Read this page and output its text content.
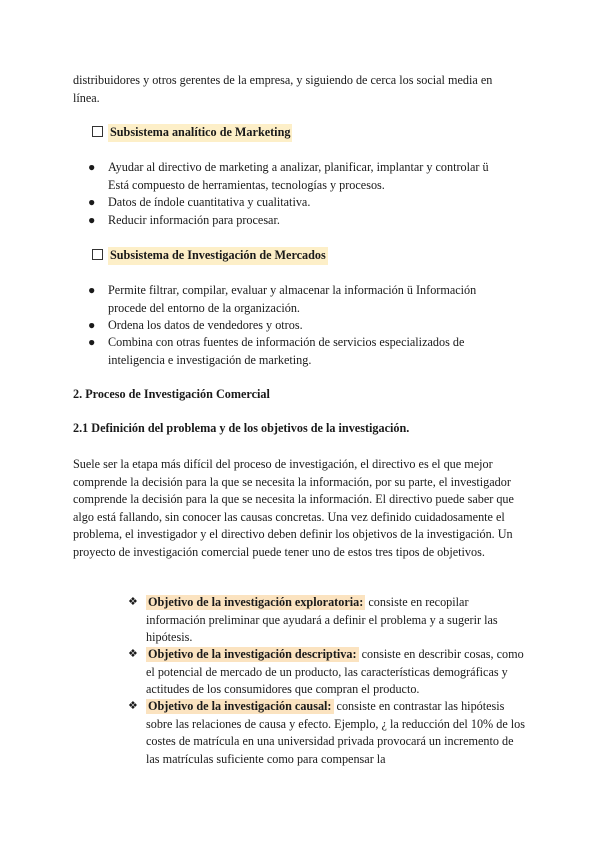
distribuidores y otros gerentes de la empresa, y siguiendo de cerca los social media en
línea.
Subsistema analítico de Marketing
● Ayudar al directivo de marketing a analizar, planificar, implantar y controlar ü Está compuesto de herramientas, tecnologías y procesos.
● Datos de índole cuantitativa y cualitativa.
● Reducir información para procesar.
Subsistema de Investigación de Mercados
● Permite filtrar, compilar, evaluar y almacenar la información ü Información procede del entorno de la organización.
● Ordena los datos de vendedores y otros.
● Combina con otras fuentes de información de servicios especializados de inteligencia e investigación de marketing.
2. Proceso de Investigación Comercial
2.1 Definición del problema y de los objetivos de la investigación.
Suele ser la etapa más difícil del proceso de investigación, el directivo es el que mejor comprende la decisión para la que se necesita la información, por su parte, el investigador comprende la decisión para la que se necesita la información. El directivo puede saber que algo está fallando, sin conocer las causas concretas. Una vez definido cuidadosamente el problema, el investigador y el directivo deben definir los objetivos de la investigación. Un proyecto de investigación comercial puede tener uno de estos tres tipos de objetivos.
❖ Objetivo de la investigación exploratoria: consiste en recopilar información preliminar que ayudará a definir el problema y a sugerir las hipótesis.
❖ Objetivo de la investigación descriptiva: consiste en describir cosas, como el potencial de mercado de un producto, las características demográficas y actitudes de los consumidores que compran el producto.
❖ Objetivo de la investigación causal: consiste en contrastar las hipótesis sobre las relaciones de causa y efecto. Ejemplo, ¿ la reducción del 10% de los costes de matrícula en una universidad privada provocará un incremento de las matrículas suficiente como para compensar la
